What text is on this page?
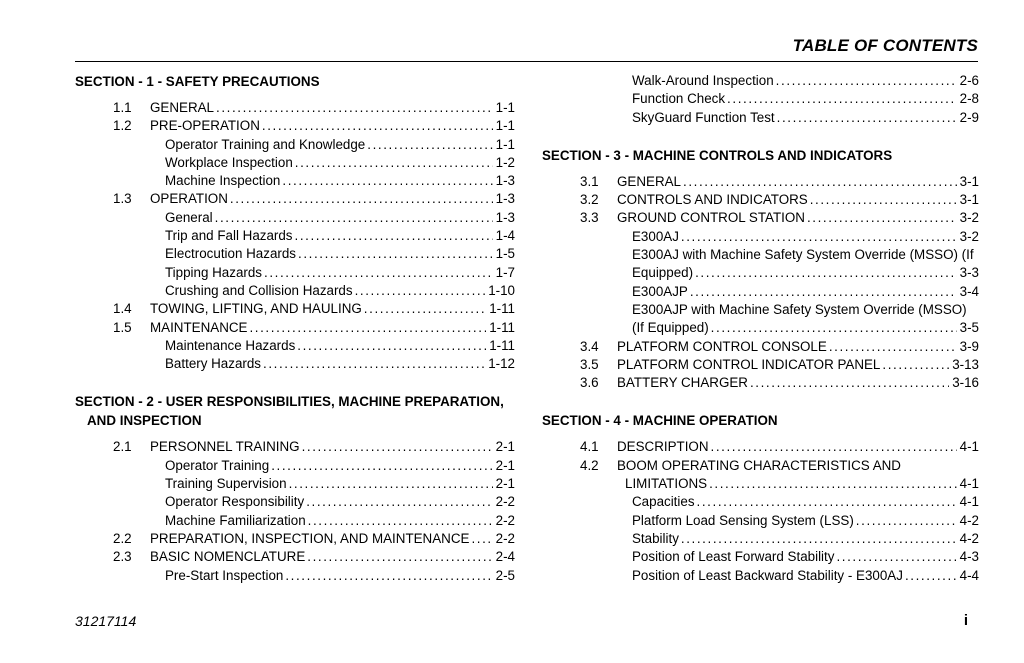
TABLE OF CONTENTS
SECTION - 1 - SAFETY PRECAUTIONS
1.1	GENERAL .....	1-1
1.2	PRE-OPERATION .....	1-1
Operator Training and Knowledge .....	1-1
Workplace Inspection .....	1-2
Machine Inspection .....	1-3
1.3	OPERATION .....	1-3
General .....	1-3
Trip and Fall Hazards .....	1-4
Electrocution Hazards .....	1-5
Tipping Hazards .....	1-7
Crushing and Collision Hazards .....	1-10
1.4	TOWING, LIFTING, AND HAULING .....	1-11
1.5	MAINTENANCE .....	1-11
Maintenance Hazards .....	1-11
Battery Hazards .....	1-12
SECTION - 2 - USER RESPONSIBILITIES, MACHINE PREPARATION,
AND INSPECTION
2.1	PERSONNEL TRAINING .....	2-1
Operator Training .....	2-1
Training Supervision .....	2-1
Operator Responsibility .....	2-2
Machine Familiarization .....	2-2
2.2	PREPARATION, INSPECTION, AND MAINTENANCE ..... 2-2
2.3	BASIC NOMENCLATURE .....	2-4
Pre-Start Inspection .....	2-5
Walk-Around Inspection .....	2-6
Function Check .....	2-8
SkyGuard Function Test .....	2-9
SECTION - 3 - MACHINE CONTROLS AND INDICATORS
3.1	GENERAL .....	3-1
3.2	CONTROLS AND INDICATORS .....	3-1
3.3	GROUND CONTROL STATION .....	3-2
E300AJ .....	3-2
E300AJ with Machine Safety System Override (MSSO) (If
Equipped) .....	3-3
E300AJP .....	3-4
E300AJP with Machine Safety System Override (MSSO)
(If Equipped) .....	3-5
3.4	PLATFORM CONTROL CONSOLE .....	3-9
3.5	PLATFORM CONTROL INDICATOR PANEL .....	3-13
3.6	BATTERY CHARGER .....	3-16
SECTION - 4 - MACHINE OPERATION
4.1	DESCRIPTION .....	4-1
4.2	BOOM OPERATING CHARACTERISTICS AND
LIMITATIONS .....	4-1
Capacities .....	4-1
Platform Load Sensing System (LSS) .....	4-2
Stability .....	4-2
Position of Least Forward Stability .....	4-3
Position of Least Backward Stability - E300AJ .....	4-4
31217114	i
